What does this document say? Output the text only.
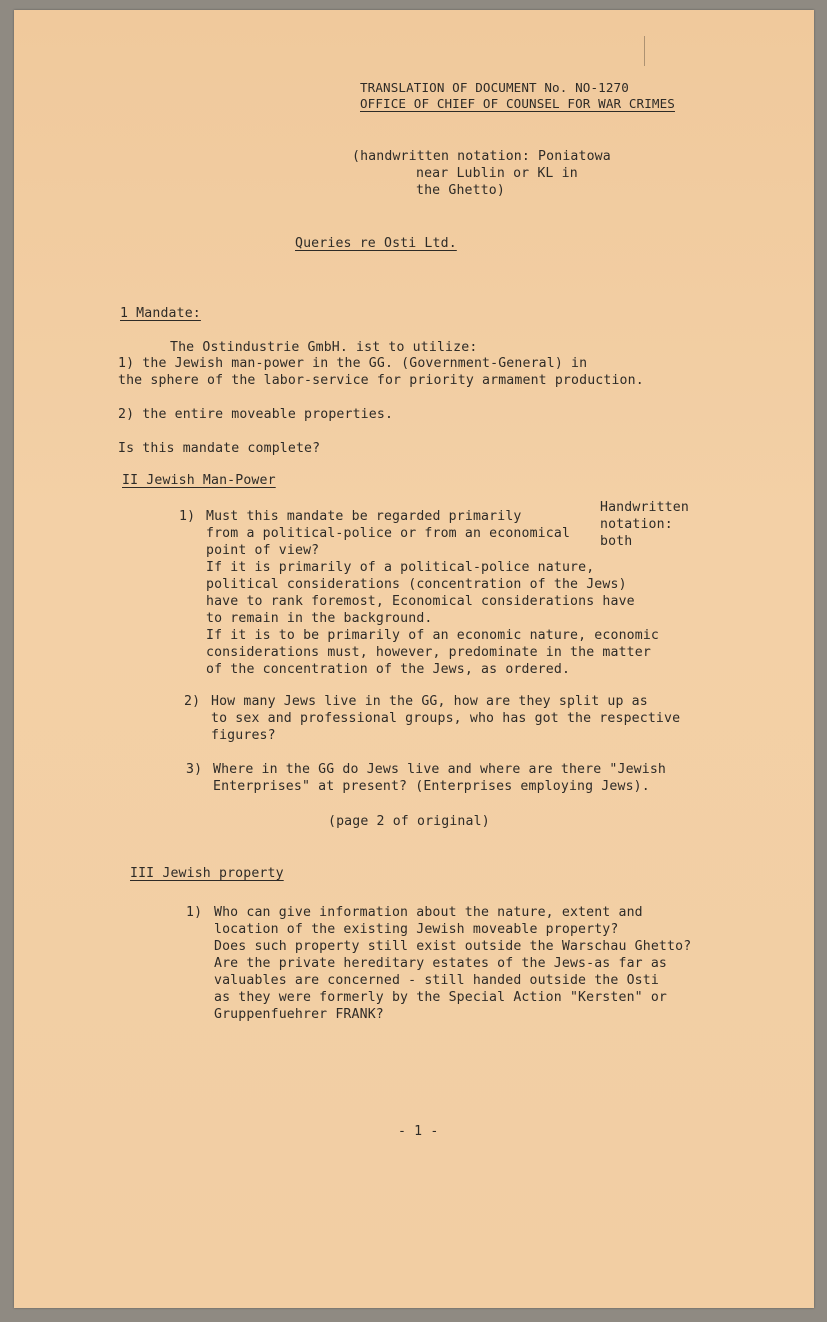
TRANSLATION OF DOCUMENT No. NO-1270
OFFICE OF CHIEF OF COUNSEL FOR WAR CRIMES
(handwritten notation: Poniatowa
near Lublin or KL in
the Ghetto)
Queries re Osti Ltd.
1 Mandate:
The Ostindustrie GmbH. ist to utilize:
1) the Jewish man-power in the GG. (Government-General) in
the sphere of the labor-service for priority armament production.
2) the entire moveable properties.
Is this mandate complete?
II Jewish Man-Power
1) Must this mandate be regarded primarily
from a political-police or from an economical
point of view?
If it is primarily of a political-police nature,
political considerations (concentration of the Jews)
have to rank foremost, Economical considerations have
to remain in the background.
If it is to be primarily of an economic nature, economic
considerations must, however, predominate in the matter
of the concentration of the Jews, as ordered.
Handwritten
notation:
both
2) How many Jews live in the GG, how are they split up as
to sex and professional groups, who has got the respective
figures?
3) Where in the GG do Jews live and where are there "Jewish
Enterprises" at present? (Enterprises employing Jews).
(page 2 of original)
III Jewish property
1) Who can give information about the nature, extent and
location of the existing Jewish moveable property?
Does such property still exist outside the Warschau Ghetto?
Are the private hereditary estates of the Jews-as far as
valuables are concerned - still handed outside the Osti
as they were formerly by the Special Action "Kersten" or
Gruppenfuehrer FRANK?
- 1 -
